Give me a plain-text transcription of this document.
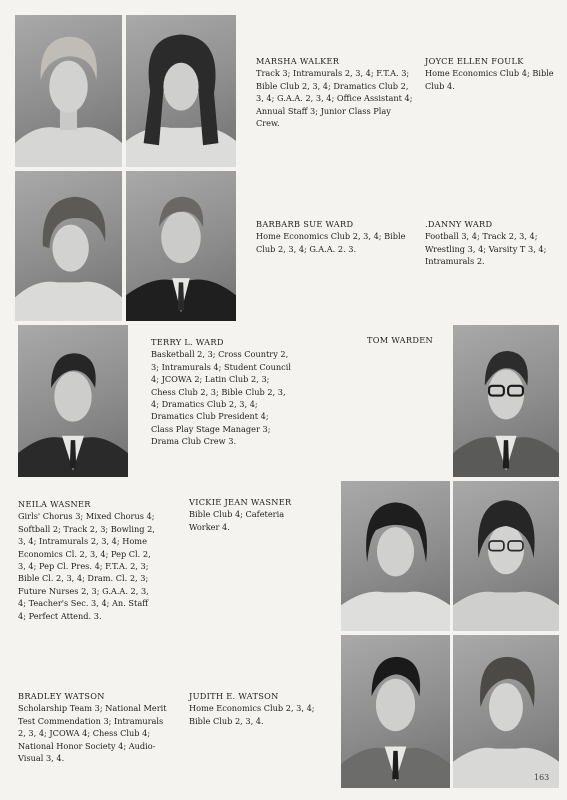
MARSHA WALKER
Track 3; Intramurals 2, 3, 4; F.T.A. 3; Bible Club 2, 3, 4; Dramatics Club 2, 3, 4; G.A.A. 2, 3, 4; Office Assistant 4; Annual Staff 3; Junior Class Play Crew.
JOYCE ELLEN FOULK
Home Economics Club 4; Bible Club 4.
BARBARB SUE WARD
Home Economics Club 2, 3, 4; Bible Club 2, 3, 4; G.A.A. 2. 3.
.DANNY WARD
Football 3, 4; Track 2, 3, 4; Wrestling 3, 4; Varsity T 3, 4; Intramurals 2.
TERRY L. WARD
Basketball 2, 3; Cross Country 2, 3; Intramurals 4; Student Council 4; JCOWA 2; Latin Club 2, 3; Chess Club 2, 3; Bible Club 2, 3, 4; Dramatics Club 2, 3, 4; Dramatics Club President 4; Class Play Stage Manager 3; Drama Club Crew 3.
TOM WARDEN
NEILA WASNER
Girls' Chorus 3; Mixed Chorus 4; Softball 2; Track 2, 3; Bowling 2, 3, 4; Intramurals 2, 3, 4; Home Economics Cl. 2, 3, 4; Pep Cl. 2, 3, 4; Pep Cl. Pres. 4; F.T.A. 2, 3; Bible Cl. 2, 3, 4; Dram. Cl. 2, 3; Future Nurses 2, 3; G.A.A. 2, 3, 4; Teacher's Sec. 3, 4; An. Staff 4; Perfect Attend. 3.
VICKIE JEAN WASNER
Bible Club 4; Cafeteria Worker 4.
BRADLEY WATSON
Scholarship Team 3; National Merit Test Commendation 3; Intramurals 2, 3, 4; JCOWA 4; Chess Club 4; National Honor Society 4; Audio-Visual 3, 4.
JUDITH E. WATSON
Home Economics Club 2, 3, 4; Bible Club 2, 3, 4.
163
